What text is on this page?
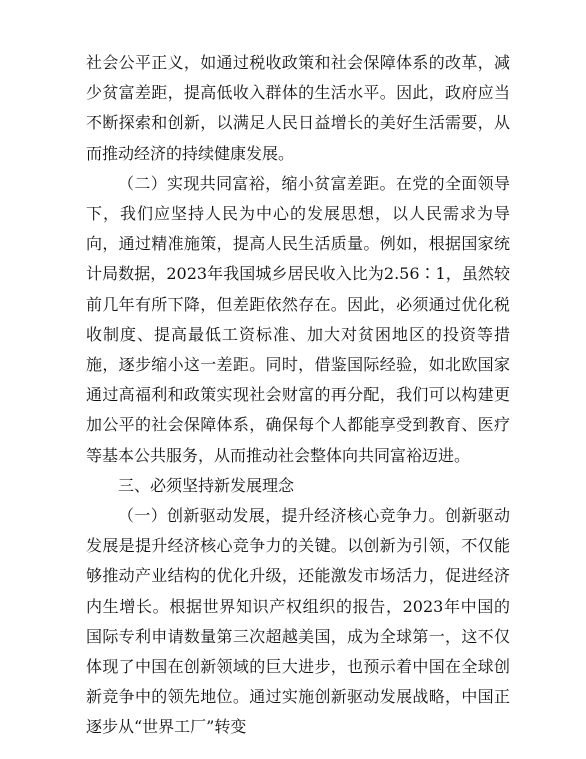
社会公平正义，如通过税收政策和社会保障体系的改革，减少贫富差距，提高低收入群体的生活水平。因此，政府应当不断探索和创新，以满足人民日益增长的美好生活需要，从而推动经济的持续健康发展。

（二）实现共同富裕，缩小贫富差距。在党的全面领导下，我们应坚持人民为中心的发展思想，以人民需求为导向，通过精准施策，提高人民生活质量。例如，根据国家统计局数据，2023年我国城乡居民收入比为2.56∶1，虽然较前几年有所下降，但差距依然存在。因此，必须通过优化税收制度、提高最低工资标准、加大对贫困地区的投资等措施，逐步缩小这一差距。同时，借鉴国际经验，如北欧国家通过高福利和政策实现社会财富的再分配，我们可以构建更加公平的社会保障体系，确保每个人都能享受到教育、医疗等基本公共服务，从而推动社会整体向共同富裕迈进。

三、必须坚持新发展理念

（一）创新驱动发展，提升经济核心竞争力。创新驱动发展是提升经济核心竞争力的关键。以创新为引领，不仅能够推动产业结构的优化升级，还能激发市场活力，促进经济内生增长。根据世界知识产权组织的报告，2023年中国的国际专利申请数量第三次超越美国，成为全球第一，这不仅体现了中国在创新领域的巨大进步，也预示着中国在全球创新竞争中的领先地位。通过实施创新驱动发展战略，中国正逐步从“世界工厂”转变
